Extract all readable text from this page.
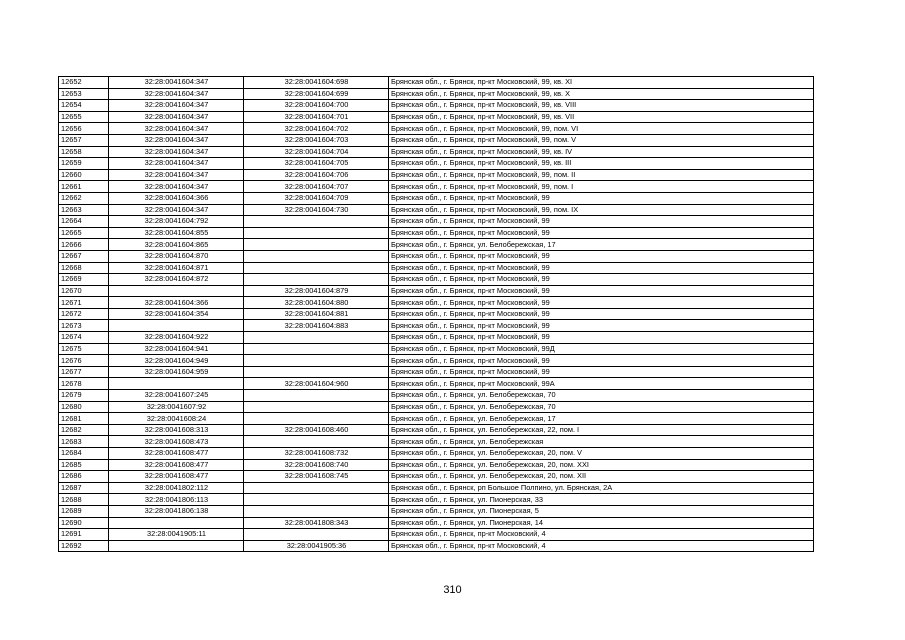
12652	32:28:0041604:347	32:28:0041604:698	Брянская обл., г. Брянск, пр-кт Московский, 99, кв. XI
12653	32:28:0041604:347	32:28:0041604:699	Брянская обл., г. Брянск, пр-кт Московский, 99, кв. X
12654	32:28:0041604:347	32:28:0041604:700	Брянская обл., г. Брянск, пр-кт Московский, 99, кв. VIII
12655	32:28:0041604:347	32:28:0041604:701	Брянская обл., г. Брянск, пр-кт Московский, 99, кв. VII
12656	32:28:0041604:347	32:28:0041604:702	Брянская обл., г. Брянск, пр-кт Московский, 99, пом. VI
12657	32:28:0041604:347	32:28:0041604:703	Брянская обл., г. Брянск, пр-кт Московский, 99, пом. V
12658	32:28:0041604:347	32:28:0041604:704	Брянская обл., г. Брянск, пр-кт Московский, 99, кв. IV
12659	32:28:0041604:347	32:28:0041604:705	Брянская обл., г. Брянск, пр-кт Московский, 99, кв. III
12660	32:28:0041604:347	32:28:0041604:706	Брянская обл., г. Брянск, пр-кт Московский, 99, пом. II
12661	32:28:0041604:347	32:28:0041604:707	Брянская обл., г. Брянск, пр-кт Московский, 99, пом. I
12662	32:28:0041604:366	32:28:0041604:709	Брянская обл., г. Брянск, пр-кт Московский, 99
12663	32:28:0041604:347	32:28:0041604:730	Брянская обл., г. Брянск, пр-кт Московский, 99, пом. IX
12664	32:28:0041604:792		Брянская обл., г. Брянск, пр-кт Московский, 99
12665	32:28:0041604:855		Брянская обл., г. Брянск, пр-кт Московский, 99
12666	32:28:0041604:865		Брянская обл., г. Брянск, ул. Белобережская, 17
12667	32:28:0041604:870		Брянская обл., г. Брянск, пр-кт Московский, 99
12668	32:28:0041604:871		Брянская обл., г. Брянск, пр-кт Московский, 99
12669	32:28:0041604:872		Брянская обл., г. Брянск, пр-кт Московский, 99
12670		32:28:0041604:879	Брянская обл., г. Брянск, пр-кт Московский, 99
12671	32:28:0041604:366	32:28:0041604:880	Брянская обл., г. Брянск, пр-кт Московский, 99
12672	32:28:0041604:354	32:28:0041604:881	Брянская обл., г. Брянск, пр-кт Московский, 99
12673		32:28:0041604:883	Брянская обл., г. Брянск, пр-кт Московский, 99
12674	32:28:0041604:922		Брянская обл., г. Брянск, пр-кт Московский, 99
12675	32:28:0041604:941		Брянская обл., г. Брянск, пр-кт Московский, 99Д
12676	32:28:0041604:949		Брянская обл., г. Брянск, пр-кт Московский, 99
12677	32:28:0041604:959		Брянская обл., г. Брянск, пр-кт Московский, 99
12678		32:28:0041604:960	Брянская обл., г. Брянск, пр-кт Московский, 99А
12679	32:28:0041607:245		Брянская обл., г. Брянск, ул. Белобережская, 70
12680	32:28:0041607:92		Брянская обл., г. Брянск, ул. Белобережская, 70
12681	32:28:0041608:24		Брянская обл., г. Брянск, ул. Белобережская, 17
12682	32:28:0041608:313	32:28:0041608:460	Брянская обл., г. Брянск, ул. Белобережская, 22, пом. I
12683	32:28:0041608:473		Брянская обл., г. Брянск, ул. Белобережская
12684	32:28:0041608:477	32:28:0041608:732	Брянская обл., г. Брянск, ул. Белобережская, 20, пом. V
12685	32:28:0041608:477	32:28:0041608:740	Брянская обл., г. Брянск, ул. Белобережская, 20, пом. XXI
12686	32:28:0041608:477	32:28:0041608:745	Брянская обл., г. Брянск, ул. Белобережская, 20, пом. XII
12687	32:28:0041802:112		Брянская обл., г. Брянск, рп Большое Полпино, ул. Брянская, 2А
12688	32:28:0041806:113		Брянская обл., г. Брянск, ул. Пионерская, 33
12689	32:28:0041806:138		Брянская обл., г. Брянск, ул. Пионерская, 5
12690		32:28:0041808:343	Брянская обл., г. Брянск, ул. Пионерская, 14
12691	32:28:0041905:11		Брянская обл., г. Брянск, пр-кт Московский, 4
12692		32:28:0041905:36	Брянская обл., г. Брянск, пр-кт Московский, 4
310
